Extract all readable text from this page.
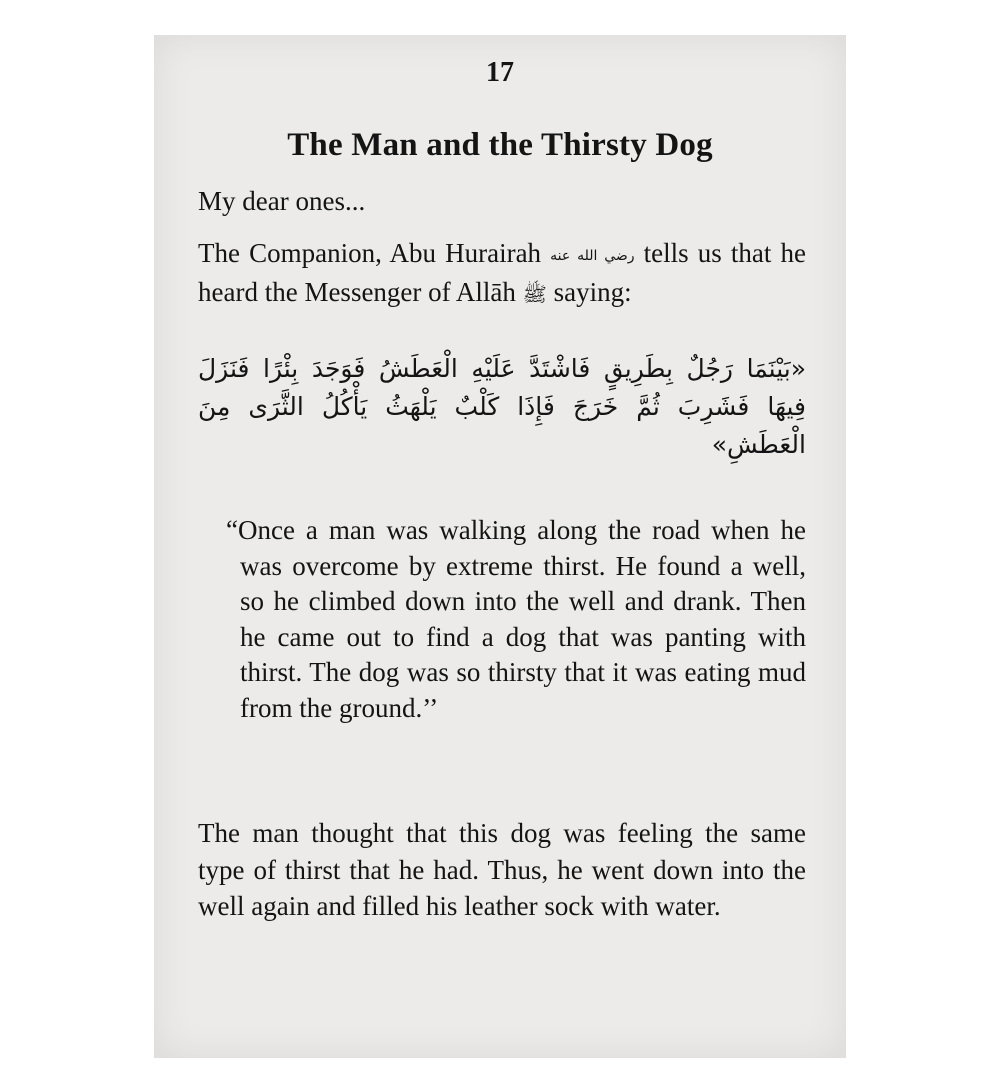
17
The Man and the Thirsty Dog
My dear ones...
The Companion, Abu Hurairah رضي الله عنه tells us that he heard the Messenger of Allāh ﷺ saying:
«بَيْنَمَا رَجُلٌ بِطَرِيقٍ فَاشْتَدَّ عَلَيْهِ الْعَطَشُ فَوَجَدَ بِئْرًا فَنَزَلَ فِيهَا فَشَرِبَ ثُمَّ خَرَجَ فَإِذَا كَلْبٌ يَلْهَثُ يَأْكُلُ الثَّرَى مِنَ الْعَطَشِ»
“Once a man was walking along the road when he was overcome by extreme thirst. He found a well, so he climbed down into the well and drank. Then he came out to find a dog that was panting with thirst. The dog was so thirsty that it was eating mud from the ground.’’
The man thought that this dog was feeling the same type of thirst that he had. Thus, he went down into the well again and filled his leather sock with water.
